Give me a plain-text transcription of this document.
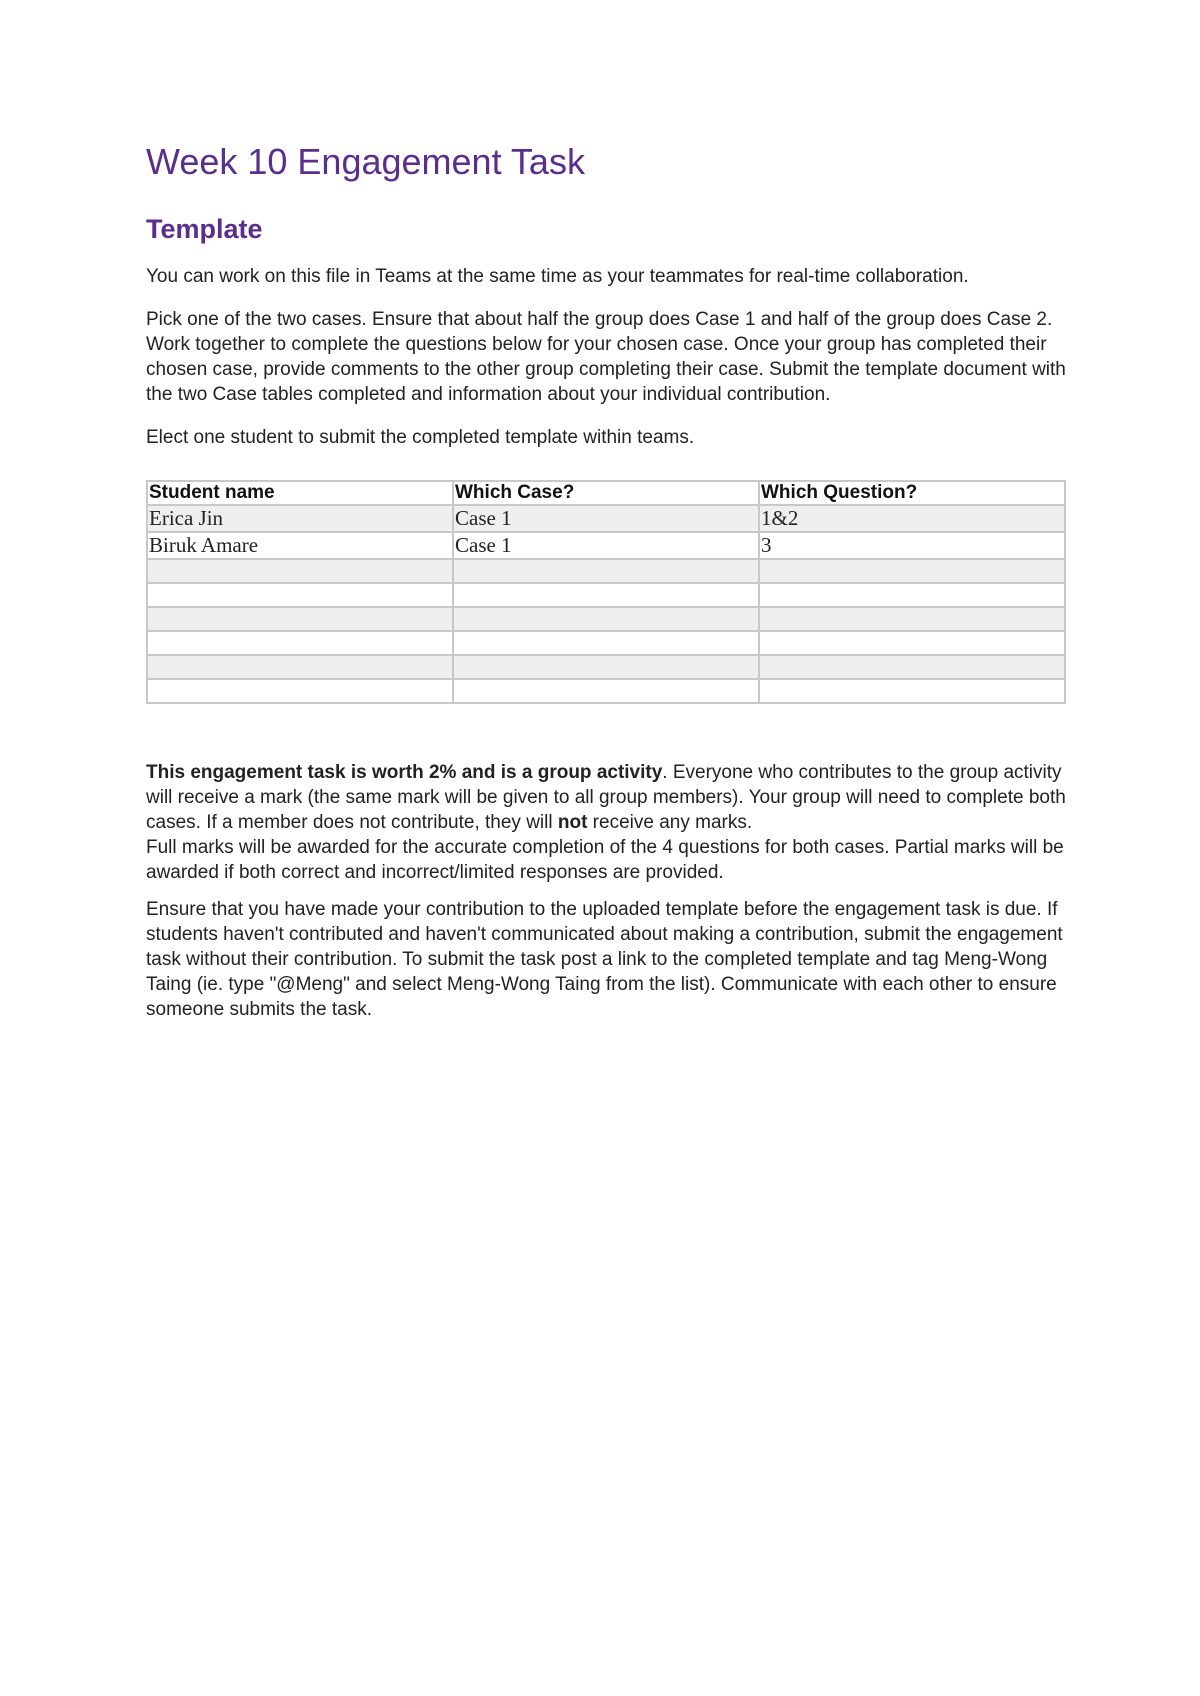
Week 10 Engagement Task
Template

You can work on this file in Teams at the same time as your teammates for real-time collaboration.

Pick one of the two cases. Ensure that about half the group does Case 1 and half of the group does Case 2. Work together to complete the questions below for your chosen case. Once your group has completed their chosen case, provide comments to the other group completing their case. Submit the template document with the two Case tables completed and information about your individual contribution.

Elect one student to submit the completed template within teams.

Student name	Which Case?	Which Question?
Erica Jin	Case 1	1&2
Biruk Amare	Case 1	3

This engagement task is worth 2% and is a group activity. Everyone who contributes to the group activity will receive a mark (the same mark will be given to all group members). Your group will need to complete both cases. If a member does not contribute, they will not receive any marks.

Full marks will be awarded for the accurate completion of the 4 questions for both cases. Partial marks will be awarded if both correct and incorrect/limited responses are provided.

Ensure that you have made your contribution to the uploaded template before the engagement task is due. If students haven't contributed and haven't communicated about making a contribution, submit the engagement task without their contribution. To submit the task post a link to the completed template and tag Meng-Wong Taing (ie. type "@Meng" and select Meng-Wong Taing from the list). Communicate with each other to ensure someone submits the task.
